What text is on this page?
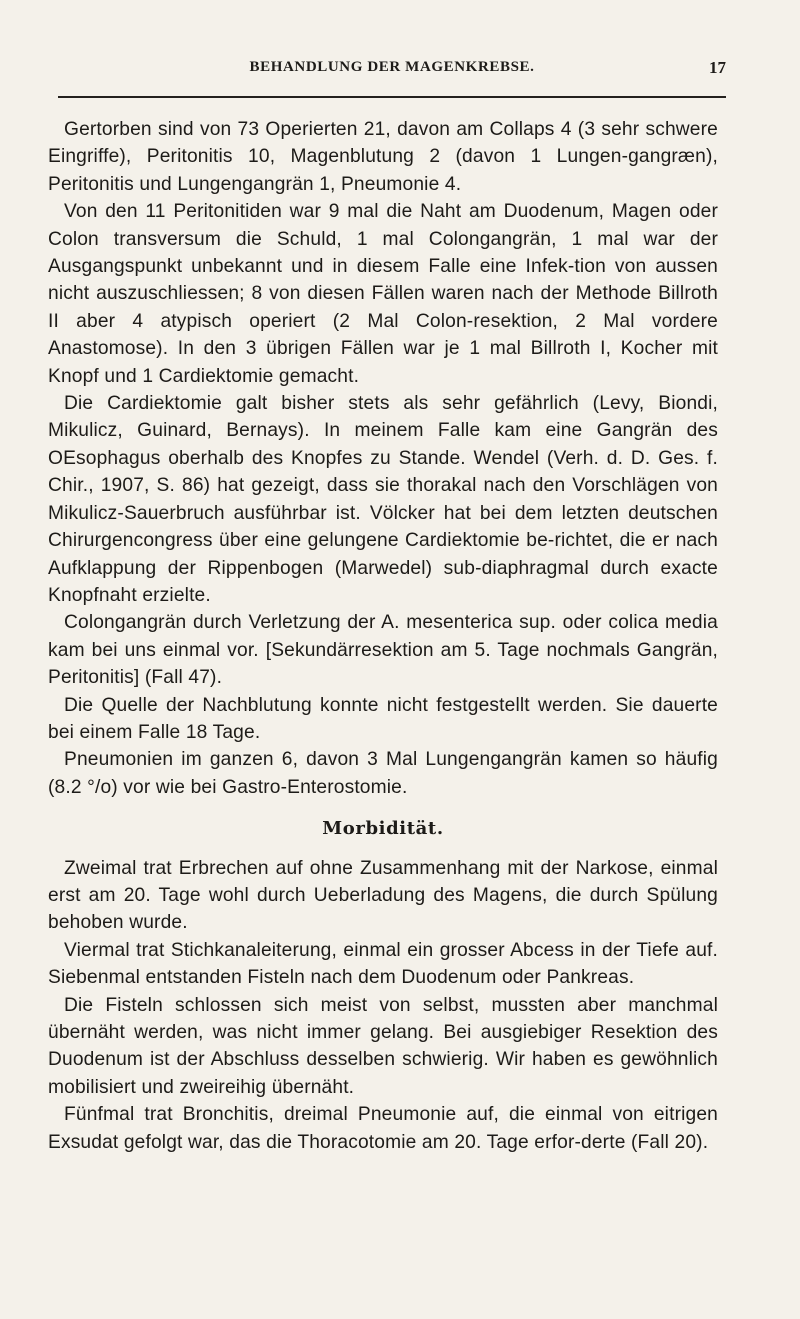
BEHANDLUNG DER MAGENKREBSE.	17

Gertorben sind von 73 Operierten 21, davon am Collaps 4 (3 sehr schwere Eingriffe), Peritonitis 10, Magenblutung 2 (davon 1 Lungen-gangræn), Peritonitis und Lungengangrän 1, Pneumonie 4.

Von den 11 Peritonitiden war 9 mal die Naht am Duodenum, Magen oder Colon transversum die Schuld, 1 mal Colongangrän, 1 mal war der Ausgangspunkt unbekannt und in diesem Falle eine Infek-tion von aussen nicht auszuschliessen; 8 von diesen Fällen waren nach der Methode Billroth II aber 4 atypisch operiert (2 Mal Colon-resektion, 2 Mal vordere Anastomose). In den 3 übrigen Fällen war je 1 mal Billroth I, Kocher mit Knopf und 1 Cardiektomie gemacht.

Die Cardiektomie galt bisher stets als sehr gefährlich (Levy, Biondi, Mikulicz, Guinard, Bernays). In meinem Falle kam eine Gangrän des OEsophagus oberhalb des Knopfes zu Stande. Wendel (Verh. d. D. Ges. f. Chir., 1907, S. 86) hat gezeigt, dass sie thorakal nach den Vorschlägen von Mikulicz-Sauerbruch ausführbar ist. Völcker hat bei dem letzten deutschen Chirurgencongress über eine gelungene Cardiektomie be-richtet, die er nach Aufklappung der Rippenbogen (Marwedel) sub-diaphragmal durch exacte Knopfnaht erzielte.

Colongangrän durch Verletzung der A. mesenterica sup. oder colica media kam bei uns einmal vor. [Sekundärresektion am 5. Tage nochmals Gangrän, Peritonitis] (Fall 47).

Die Quelle der Nachblutung konnte nicht festgestellt werden. Sie dauerte bei einem Falle 18 Tage.

Pneumonien im ganzen 6, davon 3 Mal Lungengangrän kamen so häufig (8.2 °/o) vor wie bei Gastro-Enterostomie.

Morbidität.

Zweimal trat Erbrechen auf ohne Zusammenhang mit der Narkose, einmal erst am 20. Tage wohl durch Ueberladung des Magens, die durch Spülung behoben wurde.

Viermal trat Stichkanaleiterung, einmal ein grosser Abcess in der Tiefe auf. Siebenmal entstanden Fisteln nach dem Duodenum oder Pankreas.

Die Fisteln schlossen sich meist von selbst, mussten aber manchmal übernäht werden, was nicht immer gelang. Bei ausgiebiger Resektion des Duodenum ist der Abschluss desselben schwierig. Wir haben es gewöhnlich mobilisiert und zweireihig übernäht.

Fünfmal trat Bronchitis, dreimal Pneumonie auf, die einmal von eitrigen Exsudat gefolgt war, das die Thoracotomie am 20. Tage erfor-derte (Fall 20).
